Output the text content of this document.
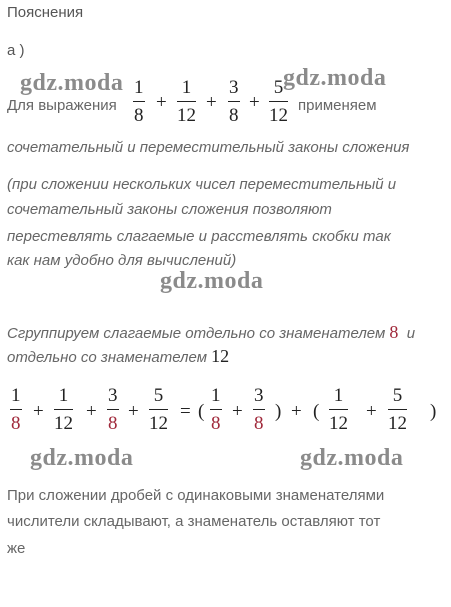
Пояснения
а )
Для выражения
1
8
+
1
12
+
3
8
+
5
12 применяем
сочетательный и переместительный законы сложения
(при сложении нескольких чисел переместительный и
сочетательный законы сложения позволяют
перестевлять слагаемые и расстевлять скобки так
как нам удобно для вычислений)
Сгруппируем слагаемые отдельно со знаменателем 8 и
отдельно со знаменателем 12
1
8
+
1
12
+
3
8
+
5
12
= (
1
8
+
3
8
) + (
1
12
+
5
12
)
При сложении дробей с одинаковыми знаменателями
числители складывают, а знаменатель оставляют тот
же
gdz.moda	gdz.moda
gdz.moda
gdz.moda	gdz.moda
